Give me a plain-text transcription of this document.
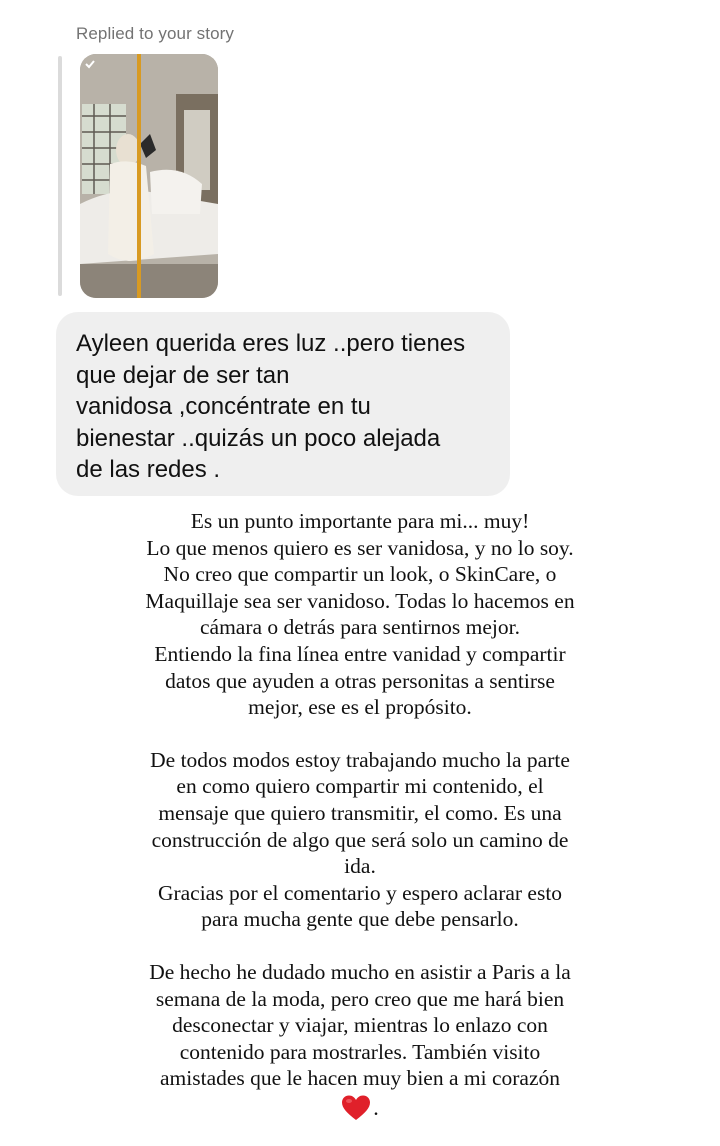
Replied to your story
Ayleen querida eres luz ..pero tienes
que dejar de ser tan
vanidosa ,concéntrate en tu
bienestar ..quizás un poco alejada
de las redes .

Es un punto importante para mi... muy!
Lo que menos quiero es ser vanidosa, y no lo soy.
No creo que compartir un look, o SkinCare, o
Maquillaje sea ser vanidoso. Todas lo hacemos en
cámara o detrás para sentirnos mejor.
Entiendo la fina línea entre vanidad y compartir
datos que ayuden a otras personitas a sentirse
mejor, ese es el propósito.

De todos modos estoy trabajando mucho la parte
en como quiero compartir mi contenido, el
mensaje que quiero transmitir, el como. Es una
construcción de algo que será solo un camino de
ida.
Gracias por el comentario y espero aclarar esto
para mucha gente que debe pensarlo.

De hecho he dudado mucho en asistir a Paris a la
semana de la moda, pero creo que me hará bien
desconectar y viajar, mientras lo enlazo con
contenido para mostrarles. También visito
amistades que le hacen muy bien a mi corazón

.
